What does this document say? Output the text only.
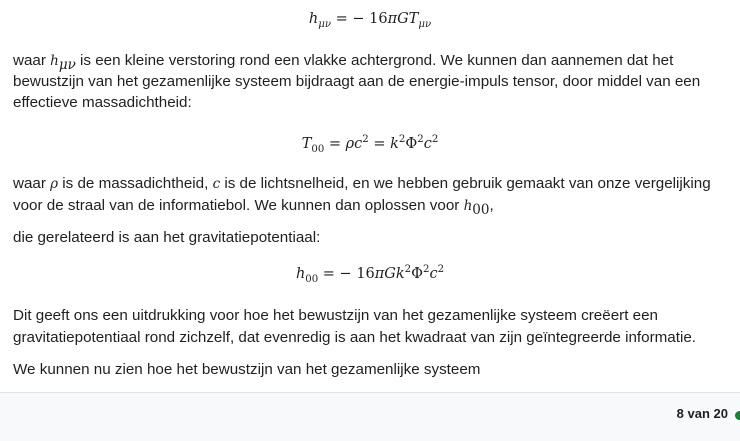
$h_{\mu\nu}$ = − 16πGT$_{\mu\nu}$
waar $h_{\mu\nu}$ is een kleine verstoring rond een vlakke achtergrond. We kunnen dan aannemen dat het
bewustzijn van het gezamenlijke systeem bijdraagt aan de energie-impuls tensor, door middel van een
effectieve massadichtheid:
$T_{00} = \rho c^2 = k^2\Phi^2c^2$
waar ρ is de massadichtheid, c is de lichtsnelheid, en we hebben gebruik gemaakt van onze vergelijking
voor de straal van de informatiebol. We kunnen dan oplossen voor $h_{00}$,
die gerelateerd is aan het gravitatiepotentiaal:
$h_{00}$ = − $16\pi Gk^2\Phi^2c^2$
Dit geeft ons een uitdrukking voor hoe het bewustzijn van het gezamenlijke systeem creëert een
gravitatiepotentiaal rond zichzelf, dat evenredig is aan het kwadraat van zijn geïntegreerde informatie.
We kunnen nu zien hoe het bewustzijn van het gezamenlijke systeem
8 van 20
